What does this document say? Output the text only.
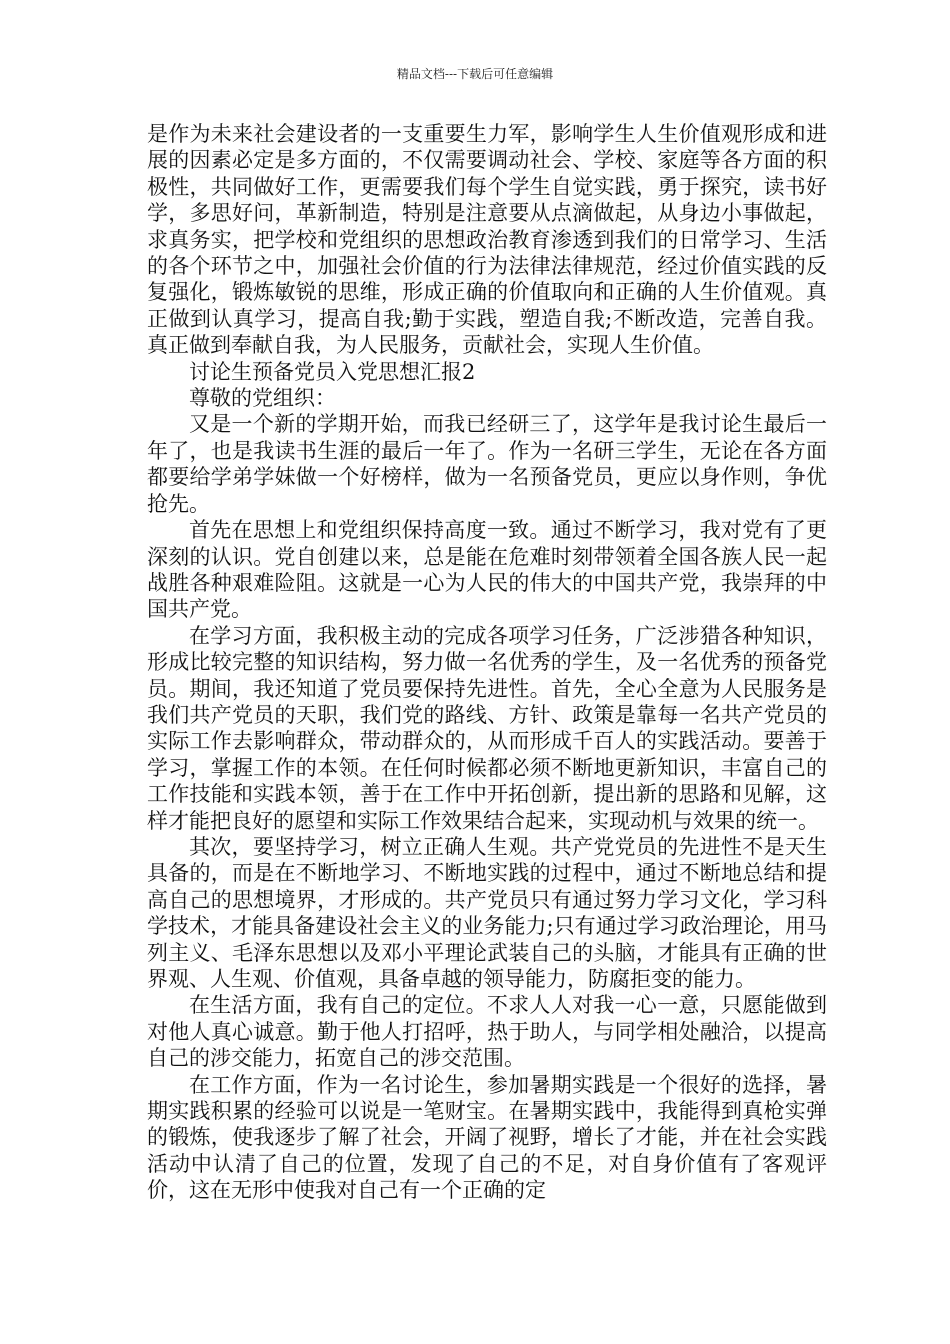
精品文档---下载后可任意编辑

是作为未来社会建设者的一支重要生力军，影响学生人生价值观形成和进展的因素必定是多方面的，不仅需要调动社会、学校、家庭等各方面的积极性，共同做好工作，更需要我们每个学生自觉实践，勇于探究，读书好学，多思好问，革新制造，特别是注意要从点滴做起，从身边小事做起，求真务实，把学校和党组织的思想政治教育渗透到我们的日常学习、生活的各个环节之中，加强社会价值的行为法律法律规范，经过价值实践的反复强化，锻炼敏锐的思维，形成正确的价值取向和正确的人生价值观。真正做到认真学习，提高自我;勤于实践，塑造自我;不断改造，完善自我。真正做到奉献自我，为人民服务，贡献社会，实现人生价值。

讨论生预备党员入党思想汇报2

尊敬的党组织：

又是一个新的学期开始，而我已经研三了，这学年是我讨论生最后一年了，也是我读书生涯的最后一年了。作为一名研三学生，无论在各方面都要给学弟学妹做一个好榜样，做为一名预备党员，更应以身作则，争优抢先。

首先在思想上和党组织保持高度一致。通过不断学习，我对党有了更深刻的认识。党自创建以来，总是能在危难时刻带领着全国各族人民一起战胜各种艰难险阻。这就是一心为人民的伟大的中国共产党，我崇拜的中国共产党。

在学习方面，我积极主动的完成各项学习任务，广泛涉猎各种知识，形成比较完整的知识结构，努力做一名优秀的学生，及一名优秀的预备党员。期间，我还知道了党员要保持先进性。首先，全心全意为人民服务是我们共产党员的天职，我们党的路线、方针、政策是靠每一名共产党员的实际工作去影响群众，带动群众的，从而形成千百人的实践活动。要善于学习，掌握工作的本领。在任何时候都必须不断地更新知识，丰富自己的工作技能和实践本领，善于在工作中开拓创新，提出新的思路和见解，这样才能把良好的愿望和实际工作效果结合起来，实现动机与效果的统一。

其次，要坚持学习，树立正确人生观。共产党党员的先进性不是天生具备的，而是在不断地学习、不断地实践的过程中，通过不断地总结和提高自己的思想境界，才形成的。共产党员只有通过努力学习文化，学习科学技术，才能具备建设社会主义的业务能力;只有通过学习政治理论，用马列主义、毛泽东思想以及邓小平理论武装自己的头脑，才能具有正确的世界观、人生观、价值观，具备卓越的领导能力，防腐拒变的能力。

在生活方面，我有自己的定位。不求人人对我一心一意，只愿能做到对他人真心诚意。勤于他人打招呼，热于助人，与同学相处融洽，以提高自己的涉交能力，拓宽自己的涉交范围。

在工作方面，作为一名讨论生，参加暑期实践是一个很好的选择，暑期实践积累的经验可以说是一笔财宝。在暑期实践中，我能得到真枪实弹的锻炼，使我逐步了解了社会，开阔了视野，增长了才能，并在社会实践活动中认清了自己的位置，发现了自己的不足，对自身价值有了客观评价，这在无形中使我对自己有一个正确的定
